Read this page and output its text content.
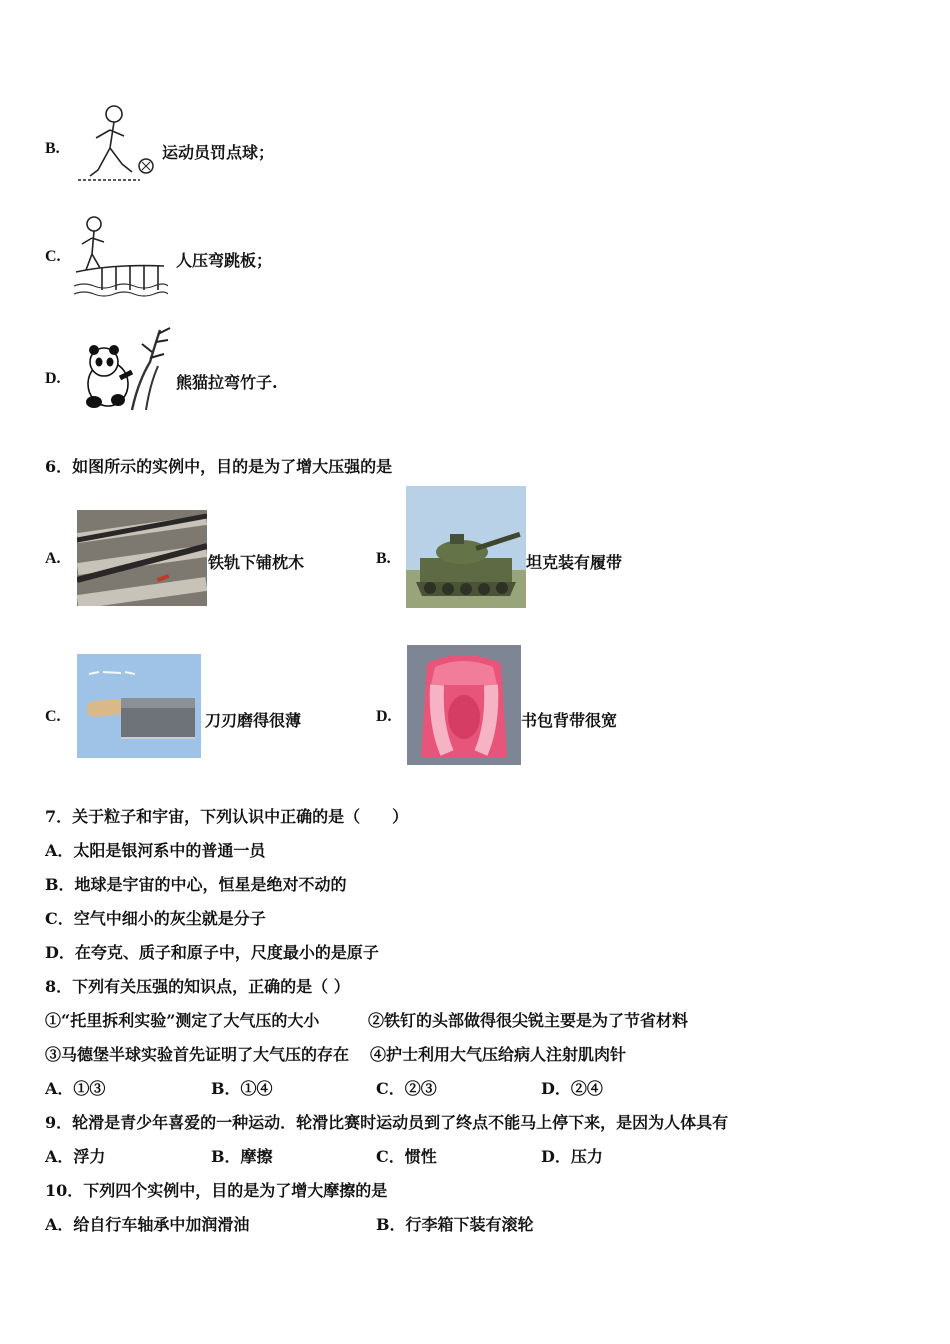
B.	运动员罚点球；
C.	人压弯跳板；
D.	熊猫拉弯竹子.
6．如图所示的实例中，目的是为了增大压强的是
A.	铁轨下铺枕木	B.	坦克装有履带
C.	刀刃磨得很薄	D.	书包背带很宽
7．关于粒子和宇宙，下列认识中正确的是（　　）
A．太阳是银河系中的普通一员
B．地球是宇宙的中心，恒星是绝对不动的
C．空气中细小的灰尘就是分子
D．在夸克、质子和原子中，尺度最小的是原子
8．下列有关压强的知识点，正确的是（ ）
①“托里拆利实验”测定了大气压的大小	②铁钉的头部做得很尖锐主要是为了节省材料
③马德堡半球实验首先证明了大气压的存在 ④护士利用大气压给病人注射肌肉针
A．①③	B．①④	C．②③	D．②④
9．轮滑是青少年喜爱的一种运动．轮滑比赛时运动员到了终点不能马上停下来，是因为人体具有
A．浮力	B．摩擦	C．惯性	D．压力
10．下列四个实例中，目的是为了增大摩擦的是
A．给自行车轴承中加润滑油	B．行李箱下装有滚轮
